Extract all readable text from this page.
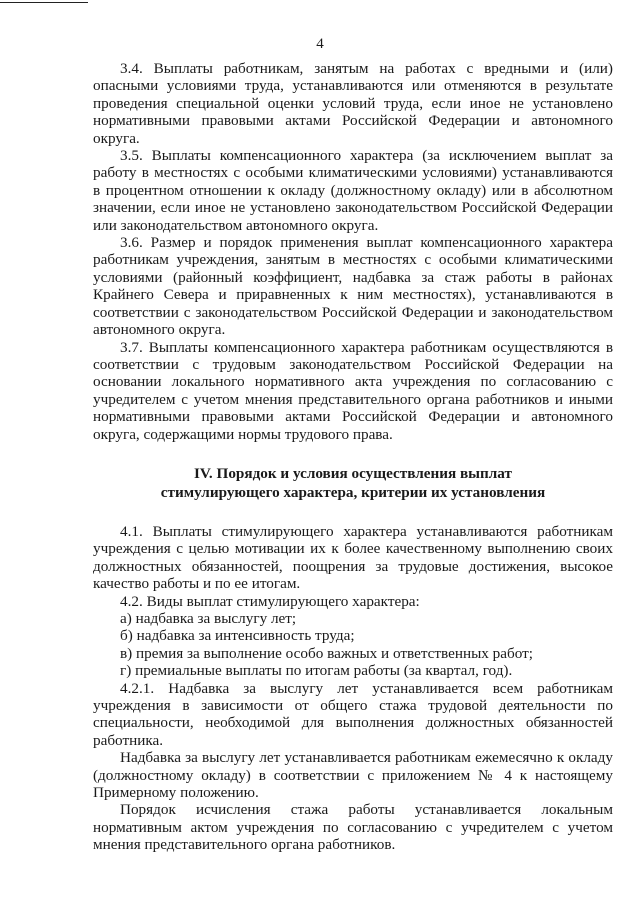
4

3.4. Выплаты работникам, занятым на работах с вредными и (или) опасными условиями труда, устанавливаются или отменяются в результате проведения специальной оценки условий труда, если иное не установлено нормативными правовыми актами Российской Федерации и автономного округа.

3.5. Выплаты компенсационного характера (за исключением выплат за работу в местностях с особыми климатическими условиями) устанавливаются в процентном отношении к окладу (должностному окладу) или в абсолютном значении, если иное не установлено законодательством Российской Федерации или законодательством автономного округа.

3.6. Размер и порядок применения выплат компенсационного характера работникам учреждения, занятым в местностях с особыми климатическими условиями (районный коэффициент, надбавка за стаж работы в районах Крайнего Севера и приравненных к ним местностях), устанавливаются в соответствии с законодательством Российской Федерации и законодательством автономного округа.

3.7. Выплаты компенсационного характера работникам осуществляются в соответствии с трудовым законодательством Российской Федерации на основании локального нормативного акта учреждения по согласованию с учредителем с учетом мнения представительного органа работников и иными нормативными правовыми актами Российской Федерации и автономного округа, содержащими нормы трудового права.

IV. Порядок и условия осуществления выплат
стимулирующего характера, критерии их установления

4.1. Выплаты стимулирующего характера устанавливаются работникам учреждения с целью мотивации их к более качественному выполнению своих должностных обязанностей, поощрения за трудовые достижения, высокое качество работы и по ее итогам.

4.2. Виды выплат стимулирующего характера:

а) надбавка за выслугу лет;

б) надбавка за интенсивность труда;

в) премия за выполнение особо важных и ответственных работ;

г) премиальные выплаты по итогам работы (за квартал, год).

4.2.1. Надбавка за выслугу лет устанавливается всем работникам учреждения в зависимости от общего стажа трудовой деятельности по специальности, необходимой для выполнения должностных обязанностей работника.

Надбавка за выслугу лет устанавливается работникам ежемесячно к окладу (должностному окладу) в соответствии с приложением № 4 к настоящему Примерному положению.

Порядок исчисления стажа работы устанавливается локальным нормативным актом учреждения по согласованию с учредителем с учетом мнения представительного органа работников.
